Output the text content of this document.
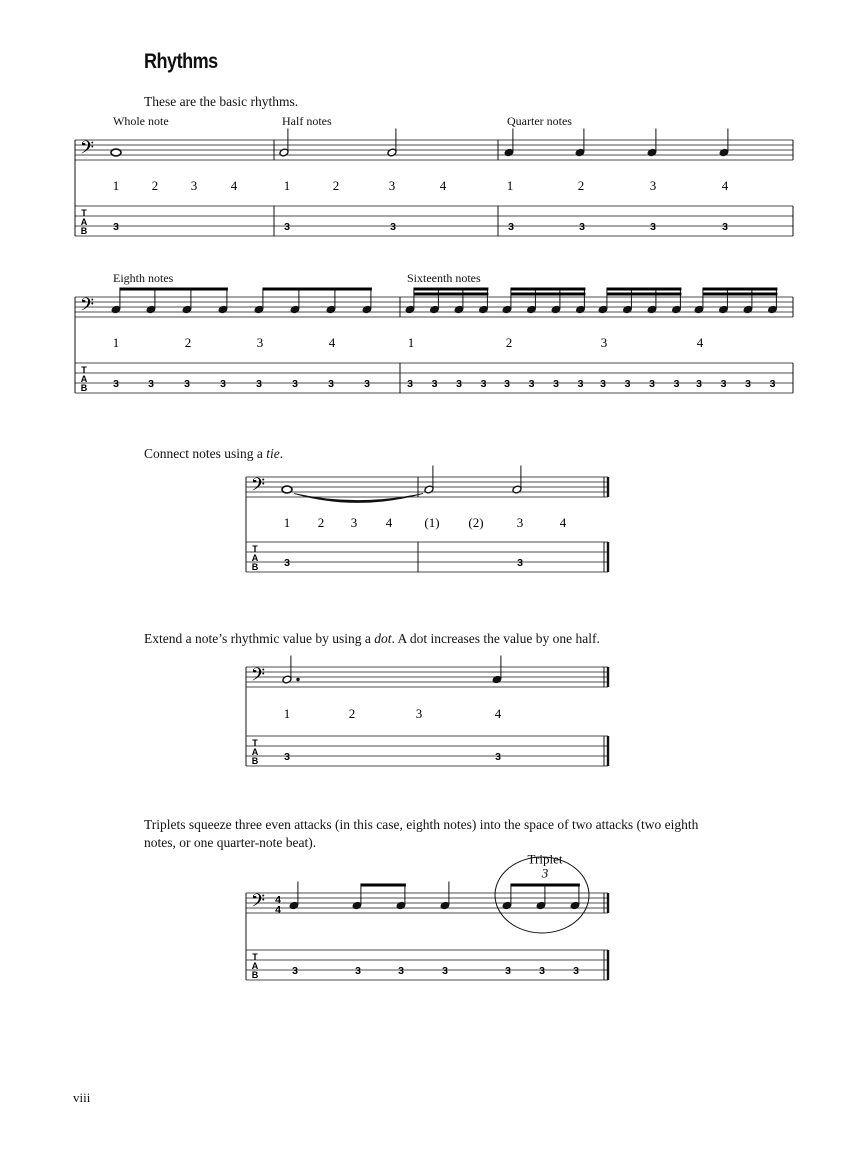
Rhythms
These are the basic rhythms.
Whole note	Half notes	Quarter notes
Eighth notes	Sixteenth notes
Connect notes using a tie.
Extend a note’s rhythmic value by using a dot. A dot increases the value by one half.
Triplets squeeze three even attacks (in this case, eighth notes) into the space of two attacks (two eighth
notes, or one quarter-note beat).
viii
𝄢
1	2	3	4	1	2	3	4	1	2	3	4
T
A
B 3	3	3	3	3	3	3
𝄢
1	2	3	4	1	2	3	4
T
A
B 3	3	3	3	3	3	3	3	3 3 3 3 3 3 3 3 3 3 3 3 3 3 3 3
𝄢
1 2 3 4 (1) (2)	3	4
T
A
B 3	3
𝄢
1	2	3	4
T
A
B 3	3
𝄢 4
4
3
Triplet
T
A
B	3	3	3	3	3	3	3
